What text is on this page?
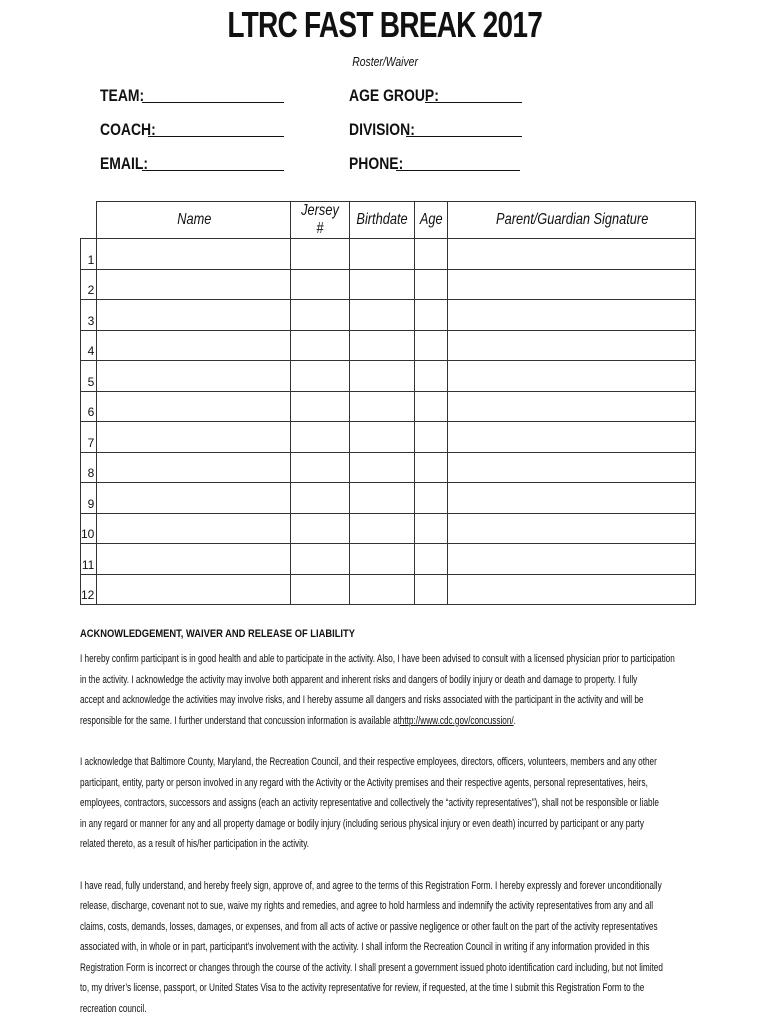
LTRC FAST BREAK 2017
Roster/Waiver
TEAM:
COACH:
EMAIL:
AGE GROUP:
DIVISION:
PHONE:
	Name	Jersey #	Birthdate	Age	Parent/Guardian Signature
1					
2					
3					
4					
5					
6					
7					
8					
9					
10					
11					
12					
ACKNOWLEDGEMENT, WAIVER AND RELEASE OF LIABILITY
I hereby confirm participant is in good health and able to participate in the activity. Also, I have been advised to consult with a licensed physician prior to participation
in the activity. I acknowledge the activity may involve both apparent and inherent risks and dangers of bodily injury or death and damage to property. I fully
accept and acknowledge the activities may involve risks, and I hereby assume all dangers and risks associated with the participant in the activity and will be
responsible for the same. I further understand that concussion information is available athttp://www.cdc.gov/concussion/.
I acknowledge that Baltimore County, Maryland, the Recreation Council, and their respective employees, directors, officers, volunteers, members and any other
participant, entity, party or person involved in any regard with the Activity or the Activity premises and their respective agents, personal representatives, heirs,
employees, contractors, successors and assigns (each an activity representative and collectively the “activity representatives”), shall not be responsible or liable
in any regard or manner for any and all property damage or bodily injury (including serious physical injury or even death) incurred by participant or any party
related thereto, as a result of his/her participation in the activity.
I have read, fully understand, and hereby freely sign, approve of, and agree to the terms of this Registration Form. I hereby expressly and forever unconditionally
release, discharge, covenant not to sue, waive my rights and remedies, and agree to hold harmless and indemnify the activity representatives from any and all
claims, costs, demands, losses, damages, or expenses, and from all acts of active or passive negligence or other fault on the part of the activity representatives
associated with, in whole or in part, participant’s involvement with the activity. I shall inform the Recreation Council in writing if any information provided in this
Registration Form is incorrect or changes through the course of the activity. I shall present a government issued photo identification card including, but not limited
to, my driver’s license, passport, or United States Visa to the activity representative for review, if requested, at the time I submit this Registration Form to the
recreation council.
